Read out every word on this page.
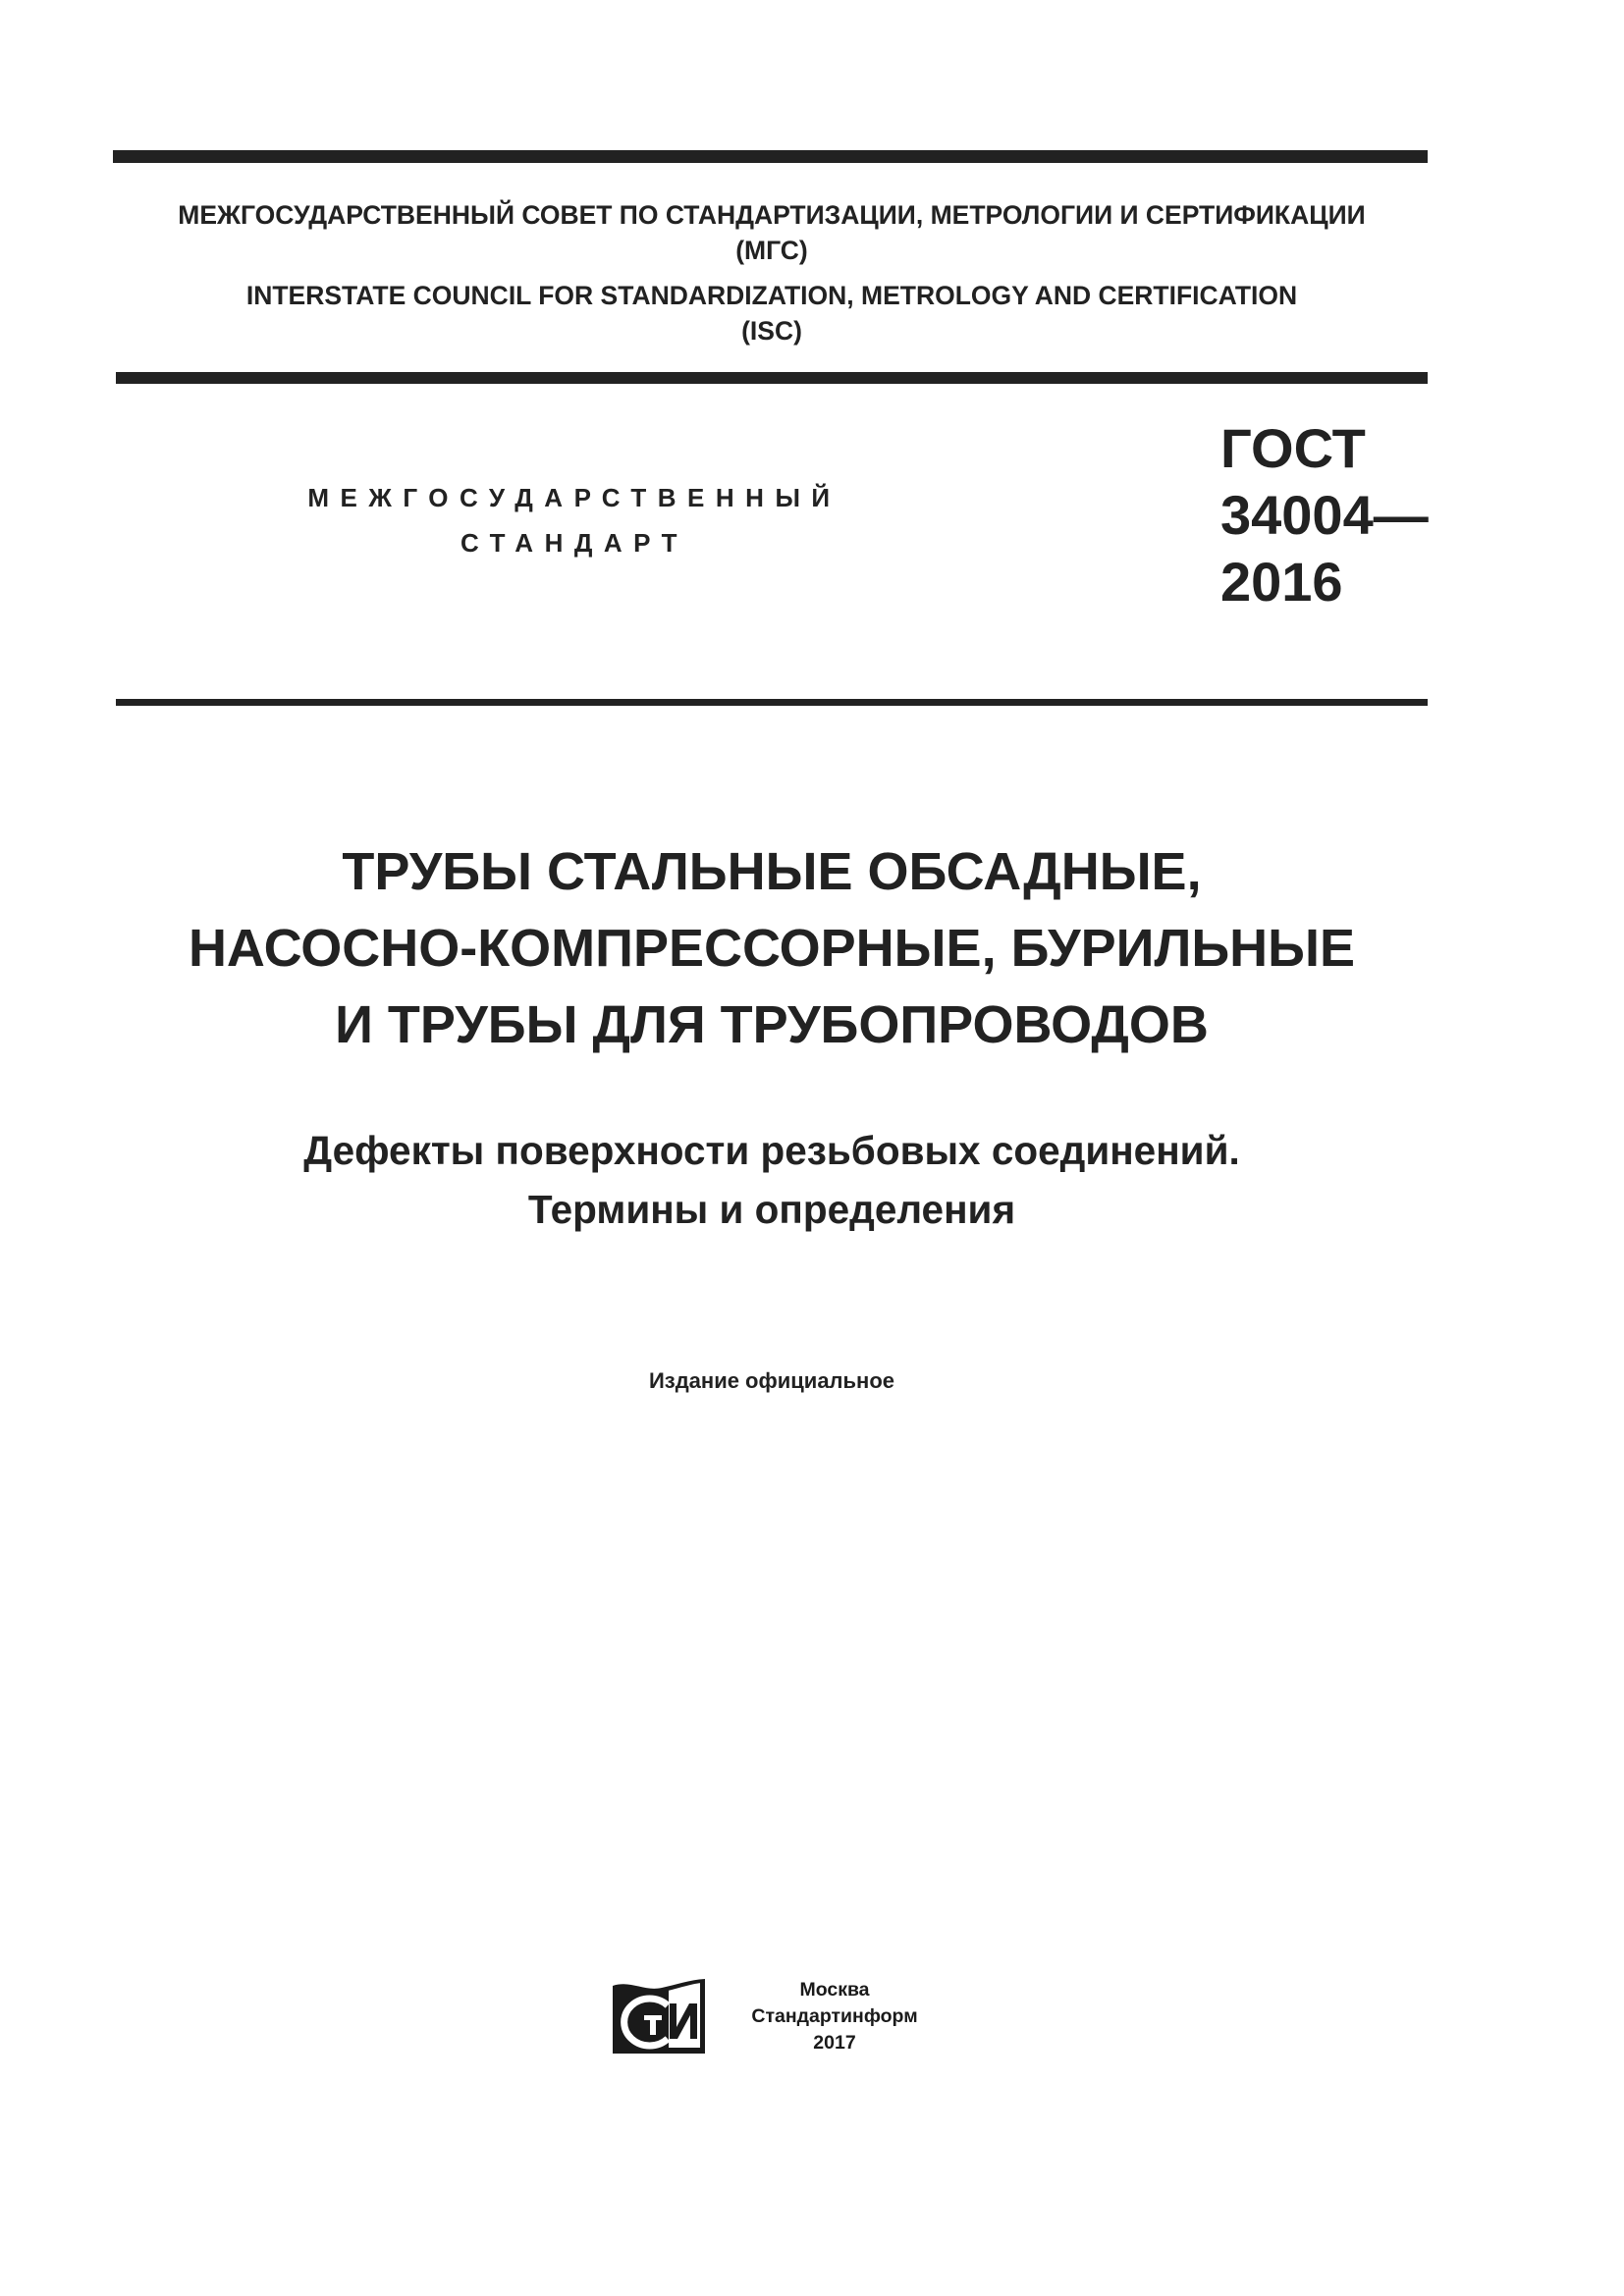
МЕЖГОСУДАРСТВЕННЫЙ СОВЕТ ПО СТАНДАРТИЗАЦИИ, МЕТРОЛОГИИ И СЕРТИФИКАЦИИ
(МГС)
INTERSTATE COUNCIL FOR STANDARDIZATION, METROLOGY AND CERTIFICATION
(ISC)
МЕЖГОСУДАРСТВЕННЫЙ
СТАНДАРТ
ГОСТ
34004—
2016
ТРУБЫ СТАЛЬНЫЕ ОБСАДНЫЕ,
НАСОСНО-КОМПРЕССОРНЫЕ, БУРИЛЬНЫЕ
И ТРУБЫ ДЛЯ ТРУБОПРОВОДОВ
Дефекты поверхности резьбовых соединений.
Термины и определения
Издание официальное
Москва
Стандартинформ
2017
